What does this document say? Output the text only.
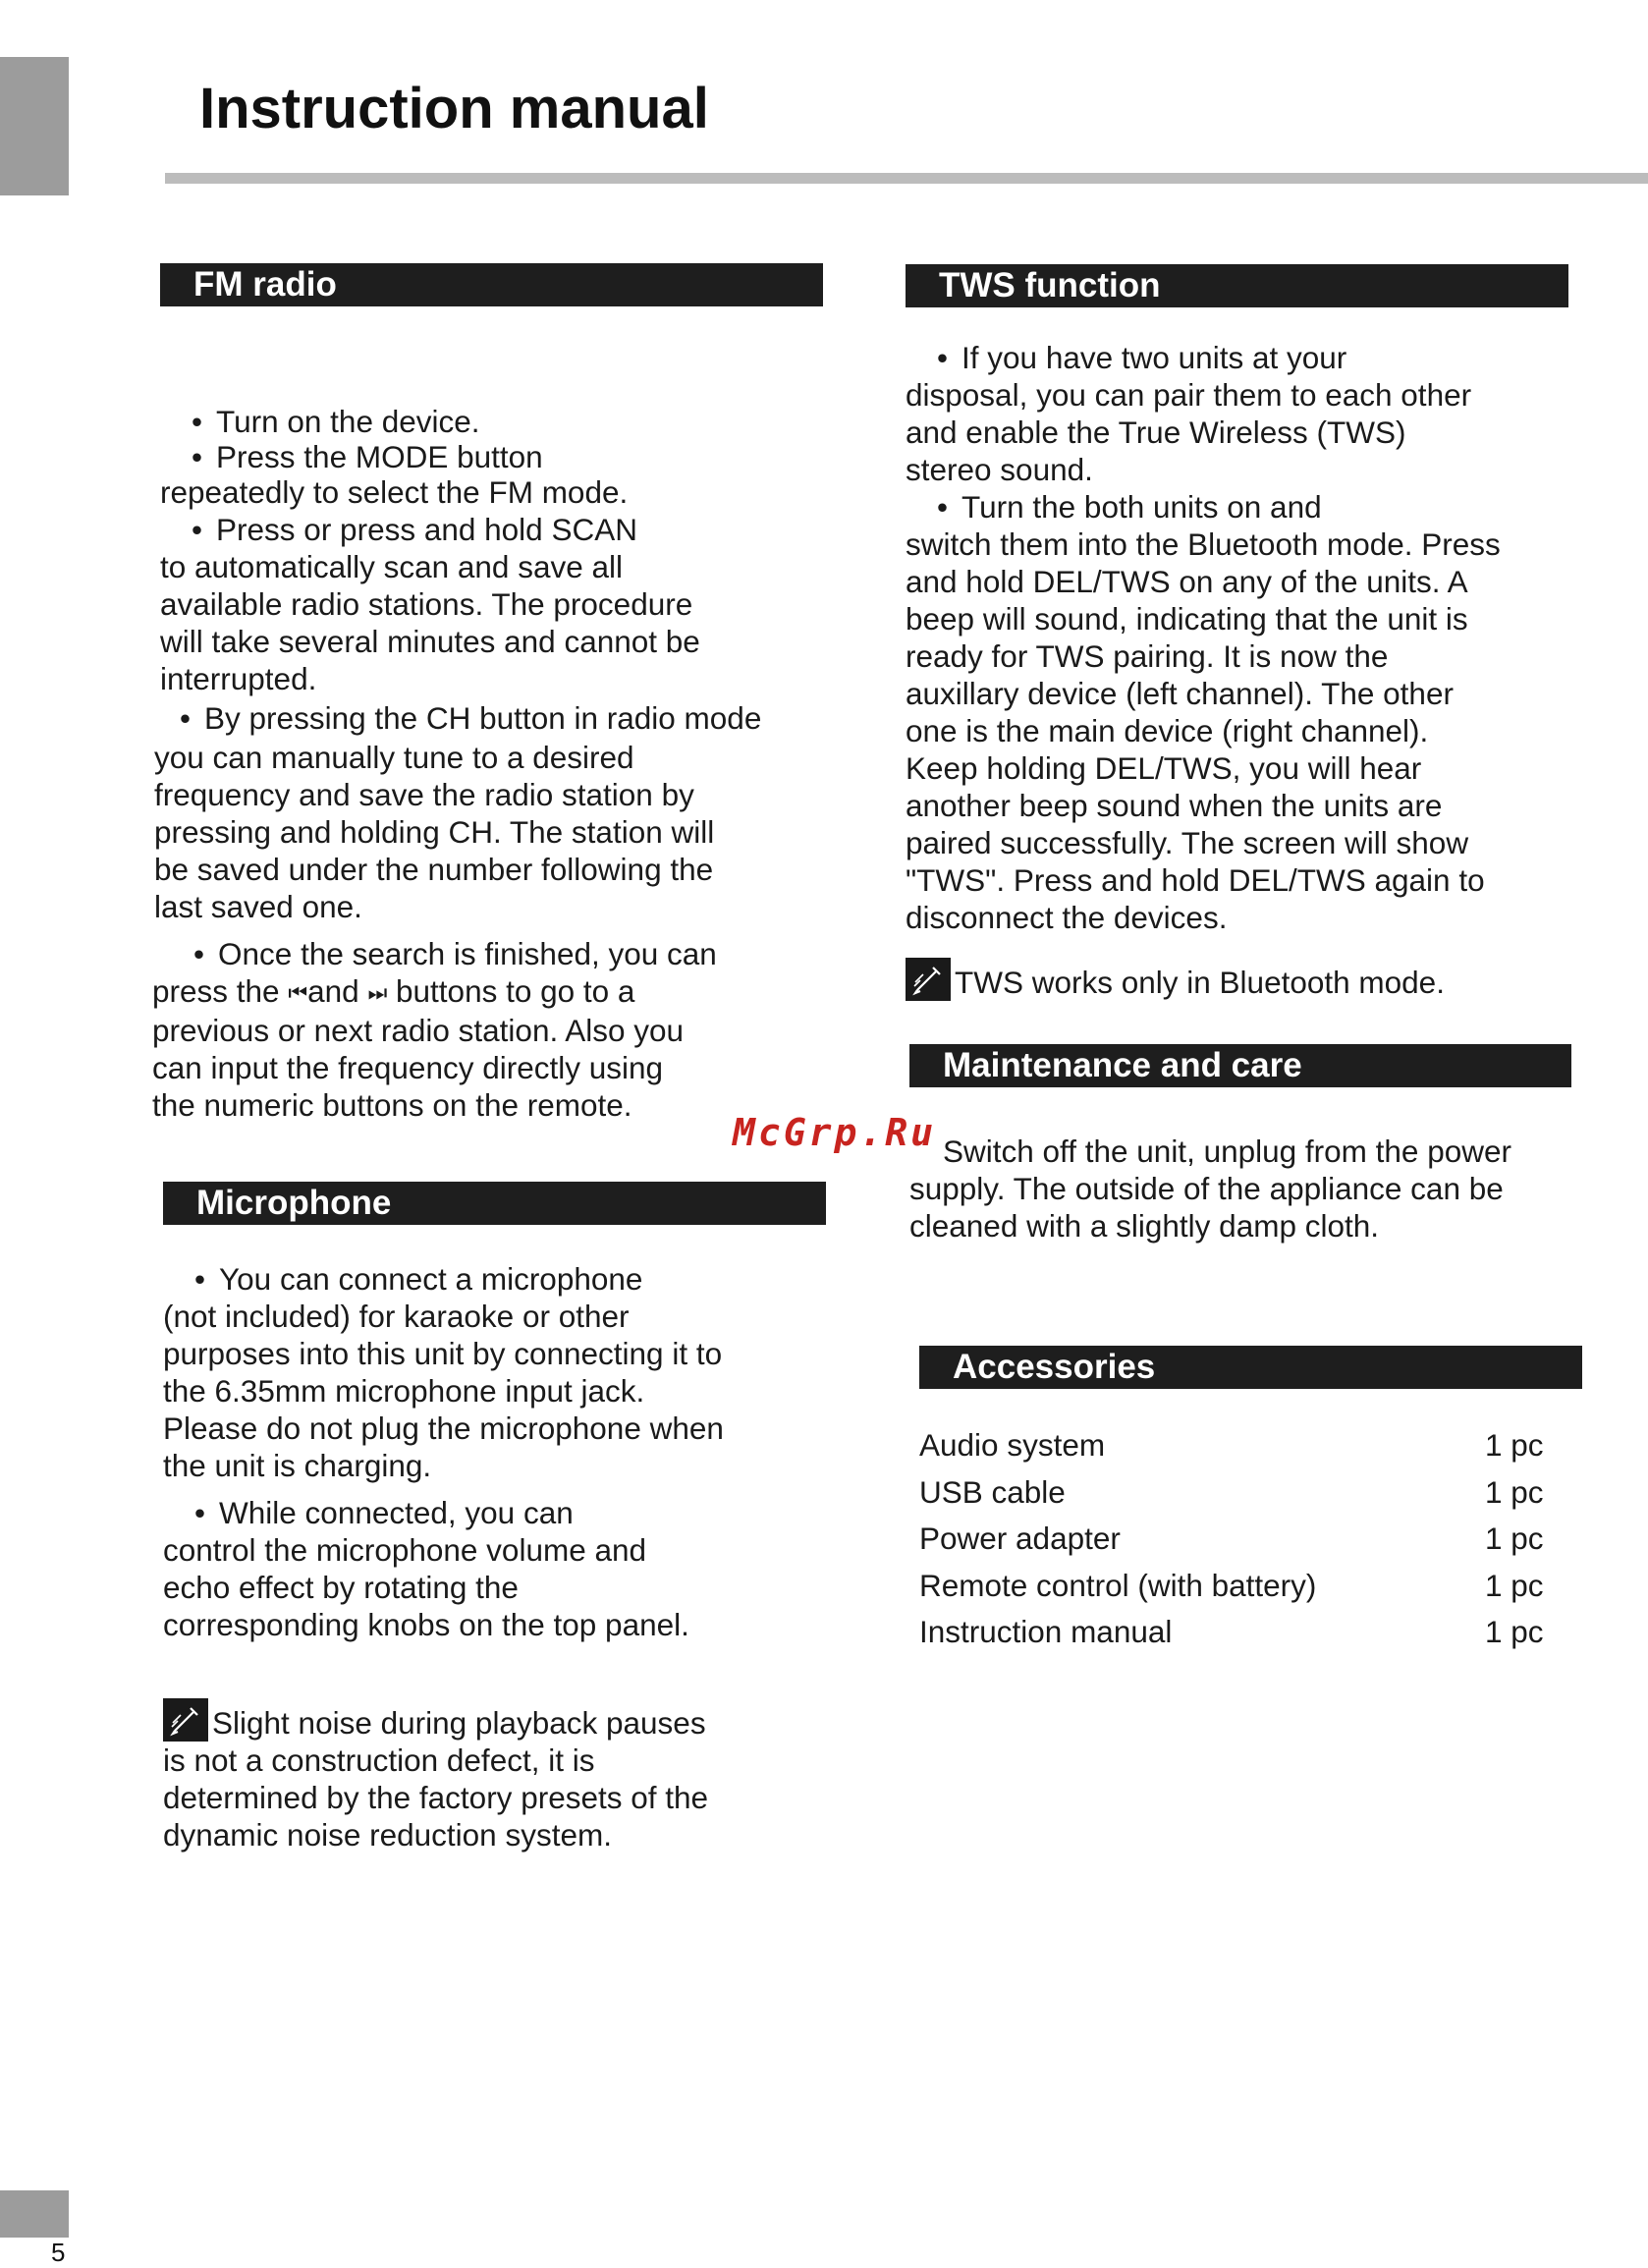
Instruction manual
FM radio

• Turn on the device.

• Press the MODE button

repeatedly to select the FM mode.

• Press or press and hold SCAN

to automatically scan and save all

available radio stations. The procedure

will take several minutes and cannot be

interrupted.

• By pressing the CH button in radio mode

you can manually tune to a desired

frequency and save the radio station by

pressing and holding CH. The station will

be saved under the number following the

last saved one.

• Once the search is finished, you can

press the ⏮and ⏭ buttons to go to a

previous or next radio station. Also you

can input the frequency directly using

the numeric buttons on the remote.

Microphone

• You can connect a microphone

(not included) for karaoke or other

purposes into this unit by connecting it to

the 6.35mm microphone input jack.

Please do not plug the microphone when

the unit is charging.

• While connected, you can

control the microphone volume and

echo effect by rotating the

corresponding knobs on the top panel.

Slight noise during playback pauses

is not a construction defect, it is

determined by the factory presets of the

dynamic noise reduction system.

TWS function

• If you have two units at your

disposal, you can pair them to each other

and enable the True Wireless (TWS)

stereo sound.

• Turn the both units on and

switch them into the Bluetooth mode. Press

and hold DEL/TWS on any of the units. A

beep will sound, indicating that the unit is

ready for TWS pairing. It is now the

auxillary device (left channel). The other

one is the main device (right channel).

Keep holding DEL/TWS, you will hear

another beep sound when the units are

paired successfully. The screen will show

"TWS". Press and hold DEL/TWS again to

disconnect the devices.

TWS works only in Bluetooth mode.

Maintenance and care

Switch off the unit, unplug from the power

supply. The outside of the appliance can be

cleaned with a slightly damp cloth.

McGrp.Ru
Accessories
Audio system	1 pc
USB cable	1 pc
Power adapter	1 pc
Remote control (with battery)	1 pc
Instruction manual	1 pc
5
